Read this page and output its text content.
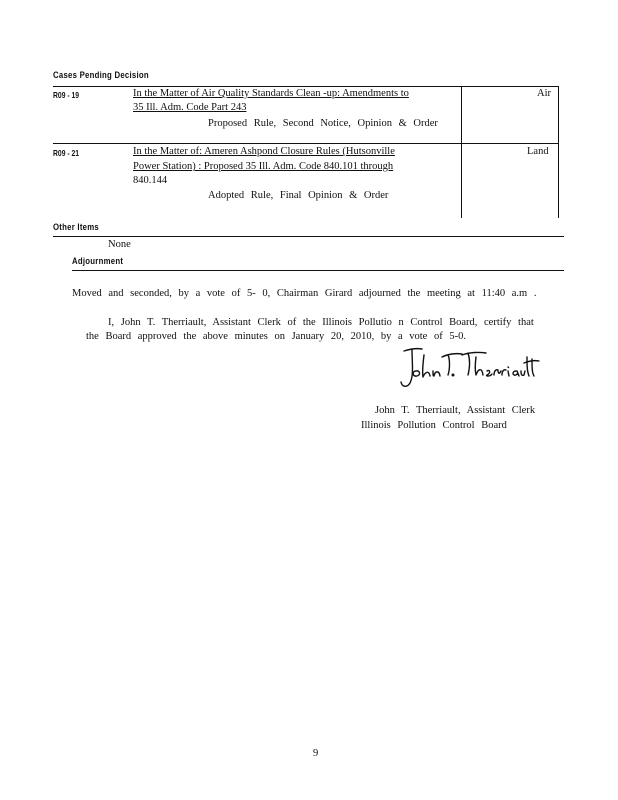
Cases Pending Decision
R09 - 19	In the Matter of Air Quality Standards Clean -up: Amendments to
35 Ill. Adm. Code Part 243
Proposed Rule, Second Notice, Opinion & Order
Air
R09 - 21	In the Matter of: Ameren Ashpond Closure Rules (Hutsonville
Power Station) : Proposed 35 Ill. Adm. Code 840.101 through
840.144
Adopted Rule, Final Opinion & Order
Land
Other Items
None
Adjournment
Moved and seconded, by a vote of 5- 0, Chairman Girard adjourned the meeting at 11:40 a.m .
I, John T. Therriault, Assistant Clerk of the Illinois Pollutio n Control Board, certify that
the Board approved the above minutes on January 20, 2010, by a vote of 5-0.
John T. Therriault, Assistant Clerk
Illinois Pollution Control Board
9
